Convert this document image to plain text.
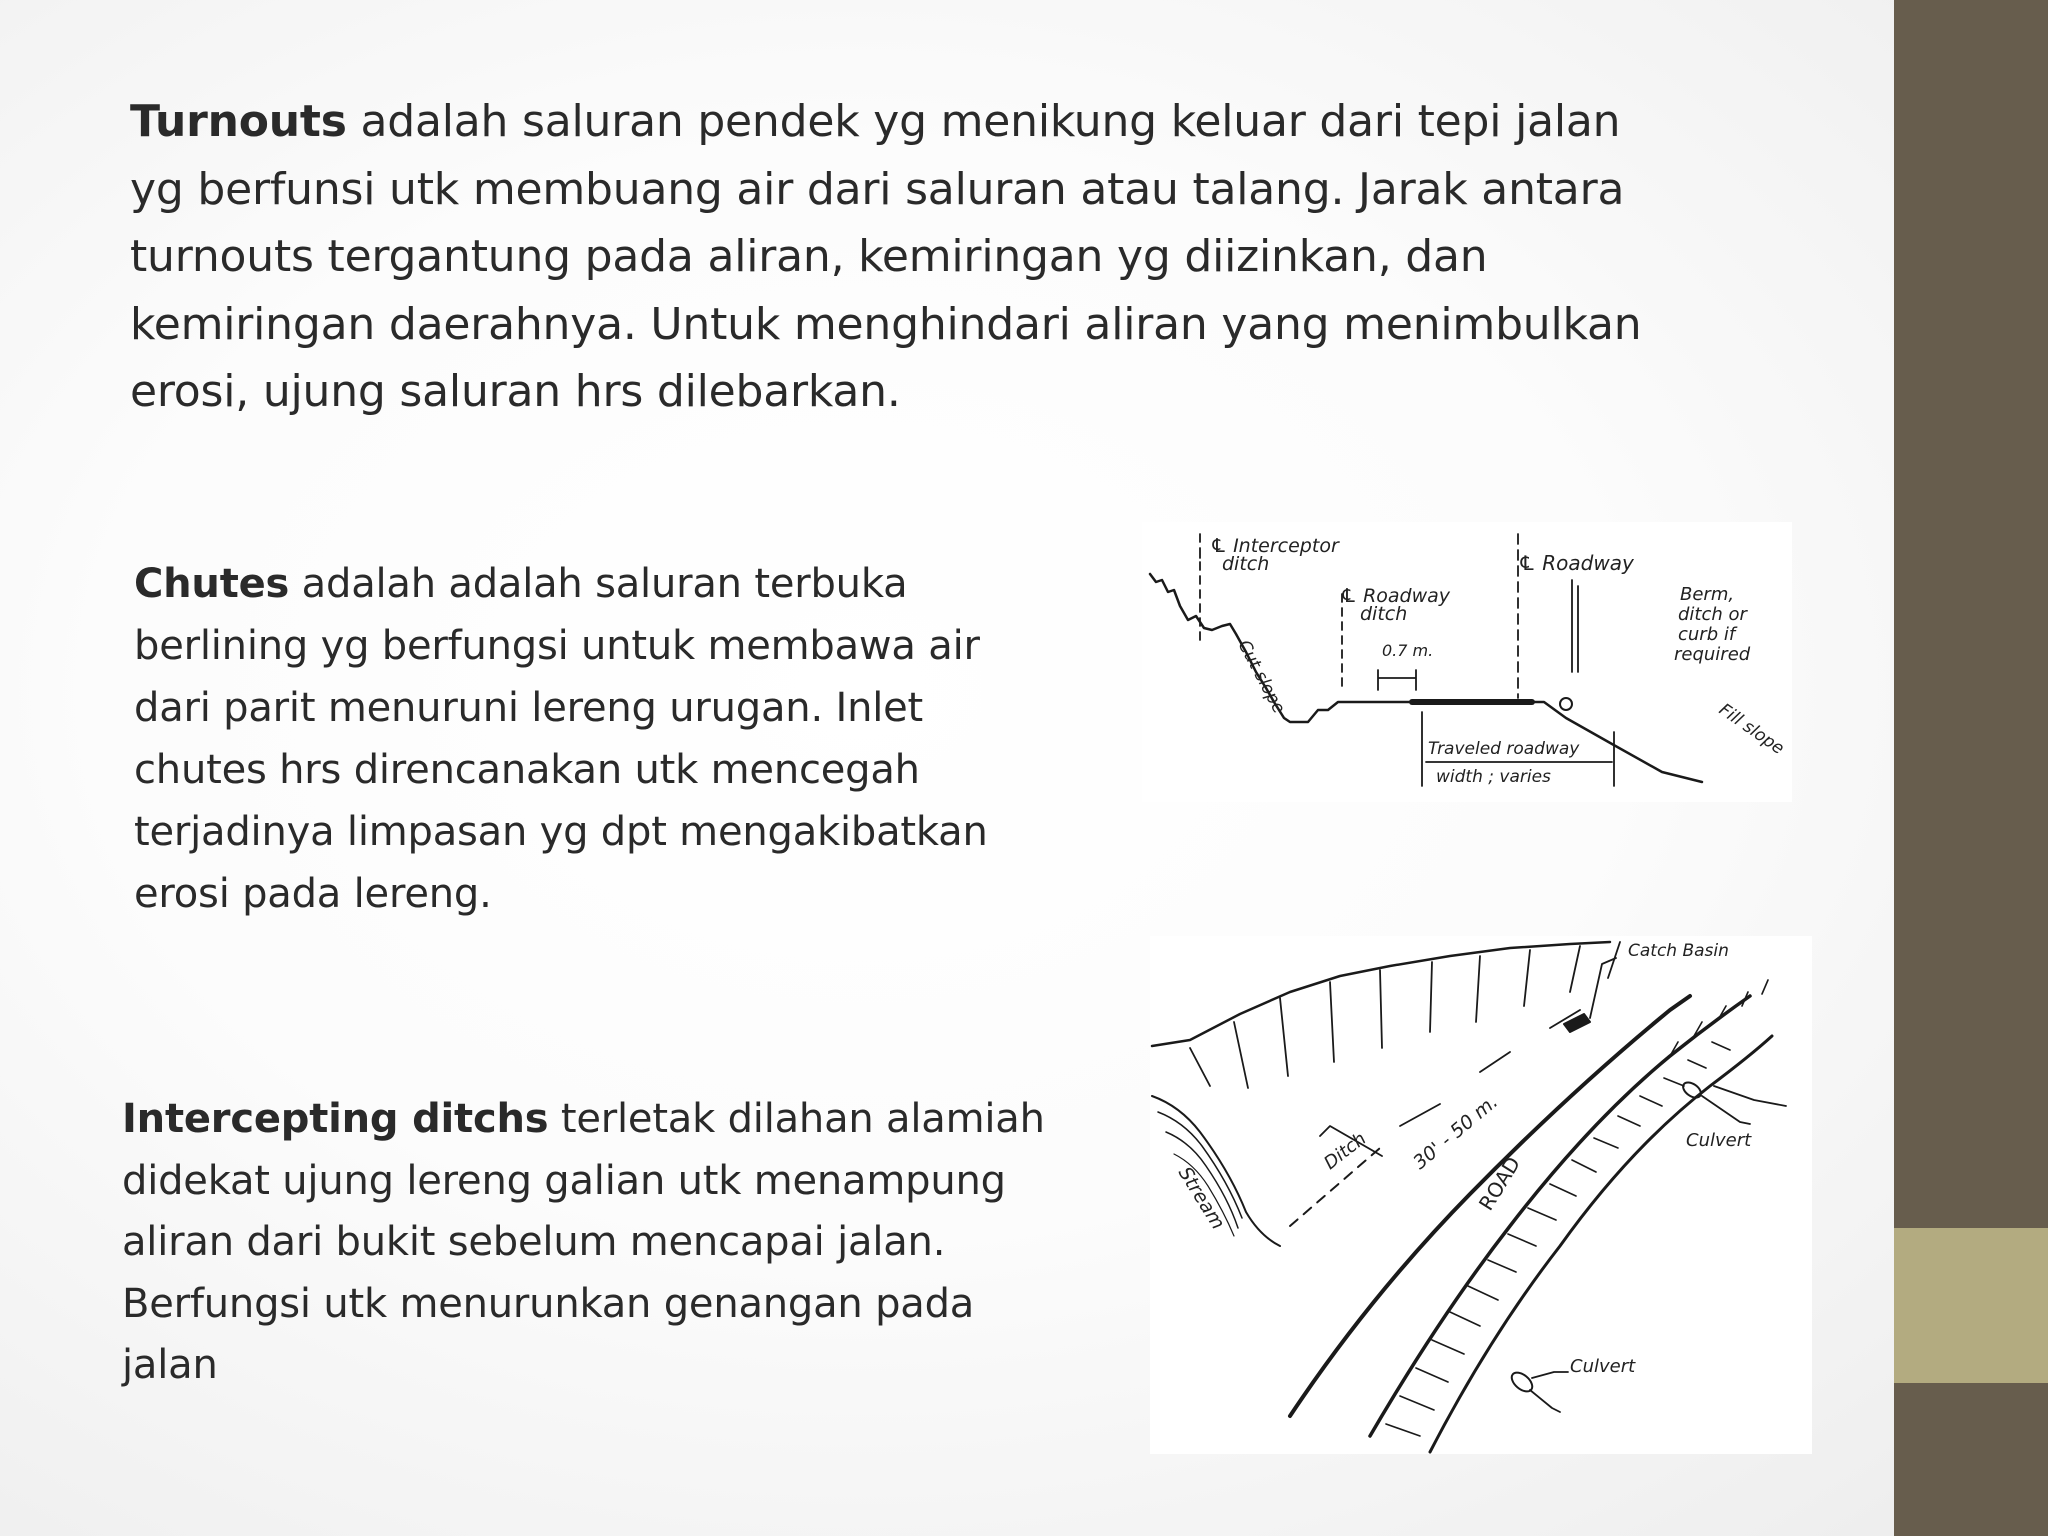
Turnouts adalah saluran pendek yg menikung keluar dari tepi jalan yg berfunsi utk membuang air dari saluran atau talang. Jarak antara turnouts tergantung pada aliran, kemiringan yg diizinkan, dan kemiringan daerahnya. Untuk menghindari aliran yang menimbulkan erosi, ujung saluran hrs dilebarkan.

Chutes adalah adalah saluran terbuka berlining yg berfungsi untuk membawa air dari parit menuruni lereng urugan. Inlet chutes hrs direncanakan utk mencegah terjadinya limpasan yg dpt mengakibatkan erosi pada lereng.

Intercepting ditchs terletak dilahan alamiah didekat ujung lereng galian utk menampung aliran dari bukit sebelum mencapai jalan. Berfungsi utk menurunkan genangan pada jalan

℄ Interceptor
ditch	℄ Roadway
℄ Roadway
ditch
0.7 m.
Cut slope
Berm,
ditch or
curb if
required
Traveled roadway
width ; varies
Fill slope
Catch Basin
Culvert
Culvert
Ditch 30' - 50 m.
ROAD
Stream
